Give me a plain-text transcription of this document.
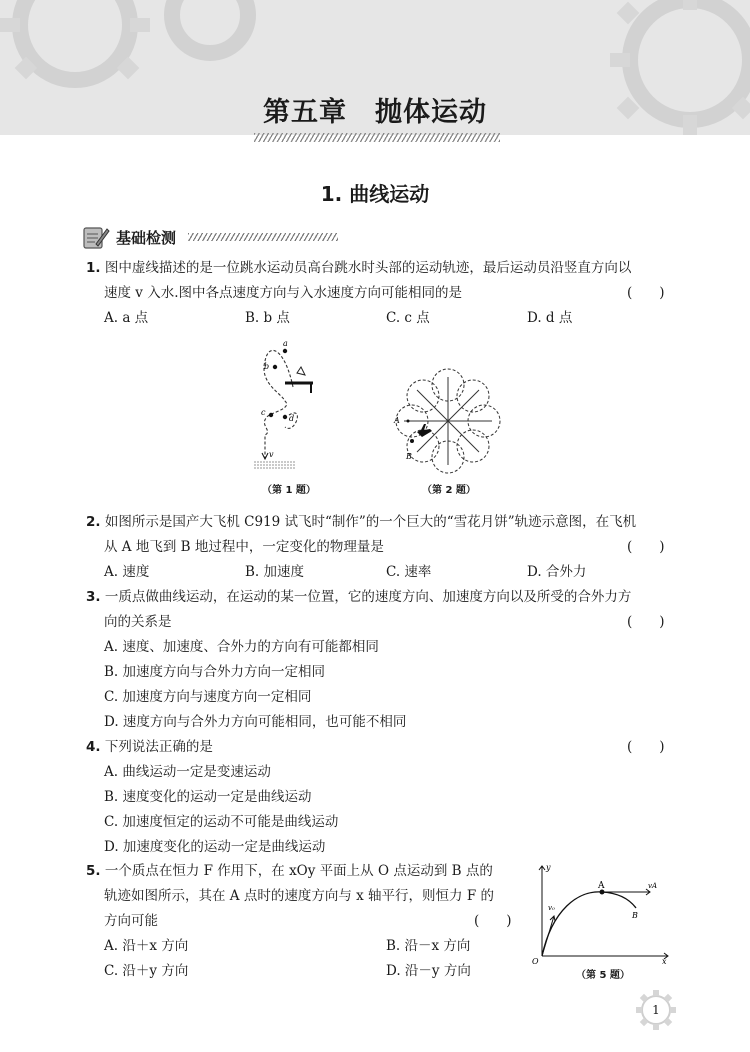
第五章　抛体运动
1. 曲线运动
基础检测
1. 图中虚线描述的是一位跳水运动员高台跳水时头部的运动轨迹，最后运动员沿竖直方向以
速度 v 入水.图中各点速度方向与入水速度方向可能相同的是	(　　)
A. a 点	B. b 点	C. c 点	D. d 点
a
b
c
d
v
（第 1 题）
A
B
（第 2 题）
2. 如图所示是国产大飞机 C919 试飞时“制作”的一个巨大的“雪花月饼”轨迹示意图，在飞机
从 A 地飞到 B 地过程中，一定变化的物理量是	(　　)
A. 速度	B. 加速度	C. 速率	D. 合外力
3. 一质点做曲线运动，在运动的某一位置，它的速度方向、加速度方向以及所受的合外力方
向的关系是	(　　)
A. 速度、加速度、合外力的方向有可能都相同
B. 加速度方向与合外力方向一定相同
C. 加速度方向与速度方向一定相同
D. 速度方向与合外力方向可能相同，也可能不相同
4. 下列说法正确的是	(　　)
A. 曲线运动一定是变速运动
B. 速度变化的运动一定是曲线运动
C. 加速度恒定的运动不可能是曲线运动
D. 加速度变化的运动一定是曲线运动
5. 一个质点在恒力 F 作用下，在 xOy 平面上从 O 点运动到 B 点的
轨迹如图所示，其在 A 点时的速度方向与 x 轴平行，则恒力 F 的
方向可能	(　　)
A. 沿＋x 方向	B. 沿－x 方向
C. 沿＋y 方向	D. 沿－y 方向
y
x
O
A
B
v₀
vA
（第 5 题）
1
